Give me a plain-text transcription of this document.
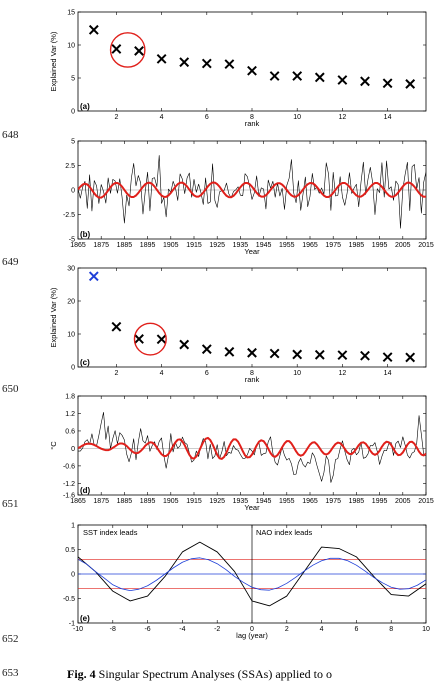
648
649
650
651
652
653
0
5
10
15
2	4	6	8	10	12	14
rank
Explained Var (%)
(a)
-5
-2.5
0
2.5
5
1865 1875 1885 1895 1905 1915 1925 1935 1945 1955 1965 1975 1985 1995 2005 2015
Year
(b)
0
10
20
30
2	4	6	8	10	12	14
rank
Explained Var (%)
(c)
-1.6
-1.2
-0.6
0
0.6
1.2
1.8
1865 1875 1885 1895 1905 1915 1925 1935 1945 1955 1965 1975 1985 1995 2005 2015
Year
°C
(d)
-1
-0.5
0
0.5
1
-10	-8	-6	-4	-2	0	2	4	6	8	10
lag (year)
(e)
SST index leads	NAO index leads
Fig. 4 Singular Spectrum Analyses (SSAs) applied to o
